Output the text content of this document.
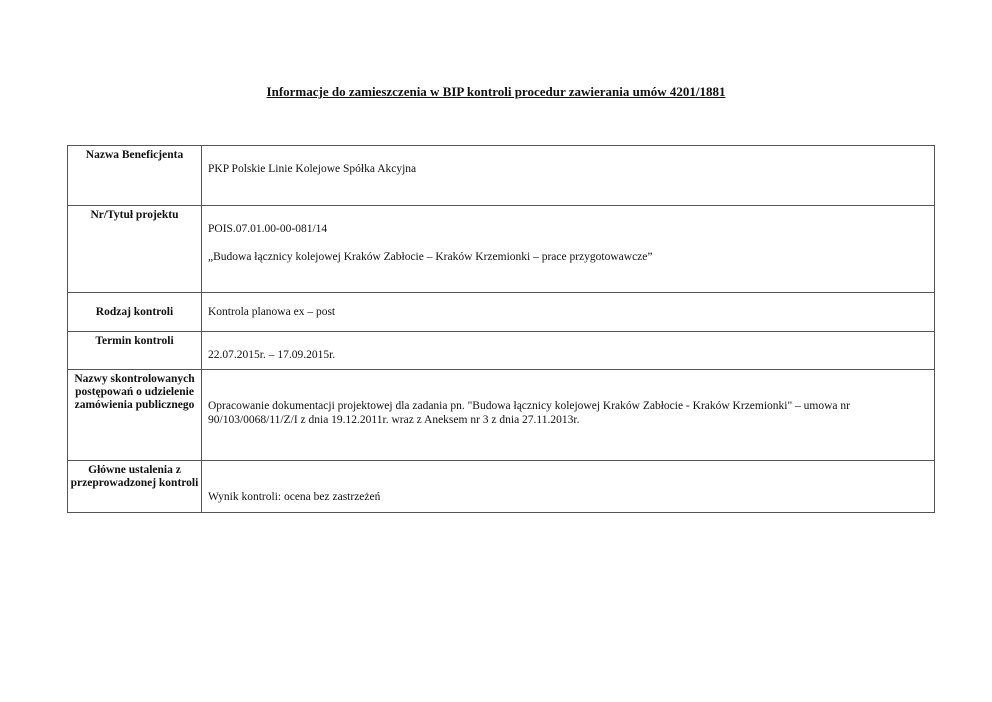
Informacje do zamieszczenia w BIP kontroli procedur zawierania umów 4201/1881
Nazwa Beneficjenta	PKP Polskie Linie Kolejowe Spółka Akcyjna
Nr/Tytuł projektu	POIS.07.01.00-00-081/14

„Budowa łącznicy kolejowej Kraków Zabłocie – Kraków Krzemionki – prace przygotowawcze”

Rodzaj kontroli	Kontrola planowa ex – post
Termin kontroli	22.07.2015r. – 17.09.2015r.
Nazwy skontrolowanych postępowań o udzielenie zamówienia publicznego	Opracowanie dokumentacji projektowej dla zadania pn. "Budowa łącznicy kolejowej Kraków Zabłocie - Kraków Krzemionki" – umowa nr 90/103/0068/11/Z/I z dnia 19.12.2011r. wraz z Aneksem nr 3 z dnia 27.11.2013r.
Główne ustalenia z przeprowadzonej kontroli	Wynik kontroli: ocena bez zastrzeżeń
